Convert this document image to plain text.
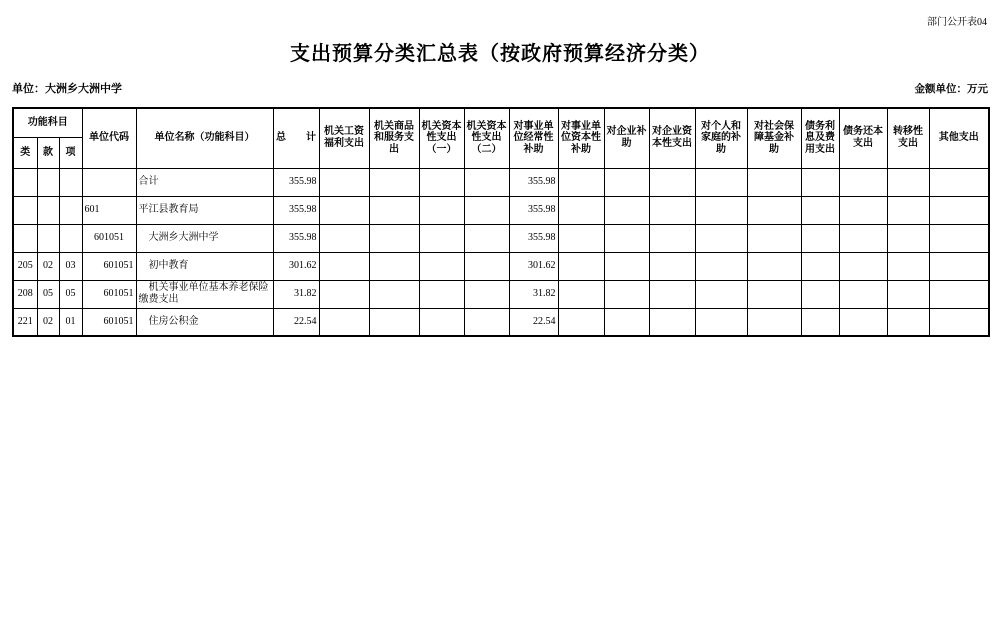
部门公开表04
支出预算分类汇总表（按政府预算经济分类）
单位：大洲乡大洲中学	金额单位：万元
功能科目			单位代码	单位名称（功能科目）	总　　计	机关工资福利支出	机关商品和服务支出	机关资本性支出（一）	机关资本性支出（二）	对事业单位经常性补助	对事业单位资本性补助	对企业补助	对企业资本性支出	对个人和家庭的补助	对社会保障基金补助	债务利息及费用支出	债务还本支出	转移性支出	其他支出
类	款	项																	
				合计	355.98					355.98									
			601	平江县教育局	355.98					355.98									
			601051	大洲乡大洲中学	355.98					355.98									
205	02	03	601051	初中教育	301.62					301.62									
208	05	05	601051	机关事业单位基本养老保险缴费支出	31.82					31.82									
221	02	01	601051	住房公积金	22.54					22.54									
